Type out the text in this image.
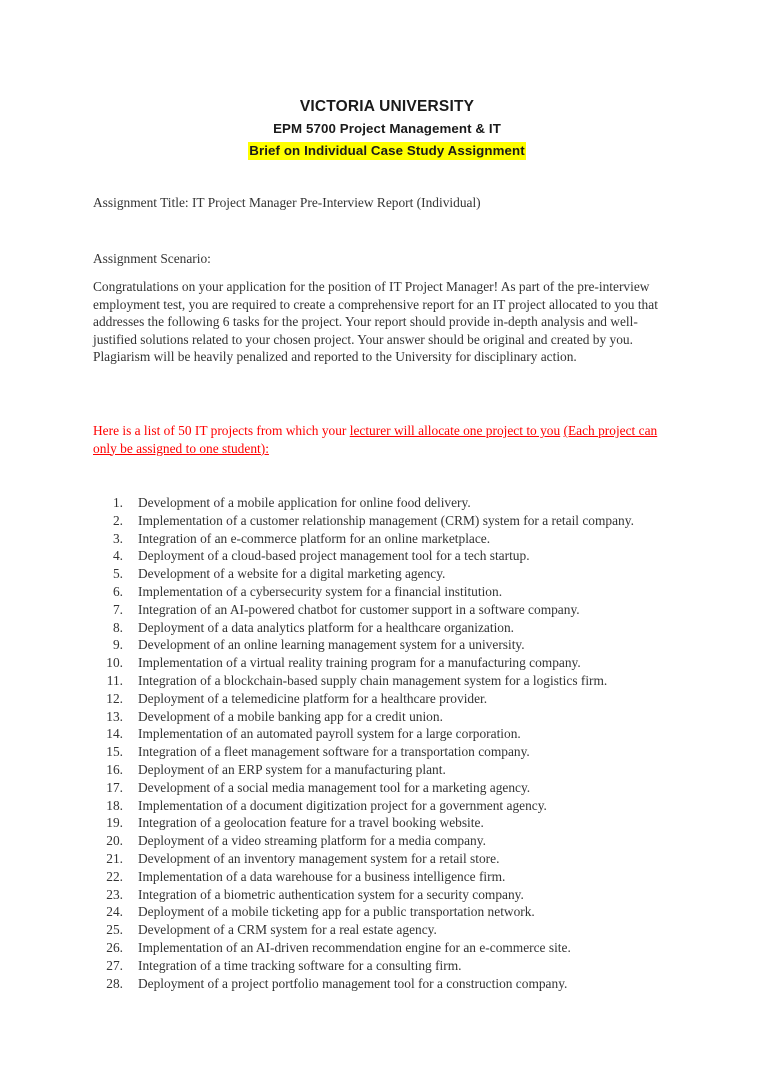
VICTORIA UNIVERSITY
EPM 5700 Project Management & IT
Brief on Individual Case Study Assignment
Assignment Title: IT Project Manager Pre-Interview Report (Individual)
Assignment Scenario:
Congratulations on your application for the position of IT Project Manager! As part of the pre-interview employment test, you are required to create a comprehensive report for an IT project allocated to you that addresses the following 6 tasks for the project. Your report should provide in-depth analysis and well-justified solutions related to your chosen project. Your answer should be original and created by you. Plagiarism will be heavily penalized and reported to the University for disciplinary action.
Here is a list of 50 IT projects from which your lecturer will allocate one project to you (Each project can only be assigned to one student):
1.	Development of a mobile application for online food delivery.
2.	Implementation of a customer relationship management (CRM) system for a retail company.
3.	Integration of an e-commerce platform for an online marketplace.
4.	Deployment of a cloud-based project management tool for a tech startup.
5.	Development of a website for a digital marketing agency.
6.	Implementation of a cybersecurity system for a financial institution.
7.	Integration of an AI-powered chatbot for customer support in a software company.
8.	Deployment of a data analytics platform for a healthcare organization.
9.	Development of an online learning management system for a university.
10.	Implementation of a virtual reality training program for a manufacturing company.
11.	Integration of a blockchain-based supply chain management system for a logistics firm.
12.	Deployment of a telemedicine platform for a healthcare provider.
13.	Development of a mobile banking app for a credit union.
14.	Implementation of an automated payroll system for a large corporation.
15.	Integration of a fleet management software for a transportation company.
16.	Deployment of an ERP system for a manufacturing plant.
17.	Development of a social media management tool for a marketing agency.
18.	Implementation of a document digitization project for a government agency.
19.	Integration of a geolocation feature for a travel booking website.
20.	Deployment of a video streaming platform for a media company.
21.	Development of an inventory management system for a retail store.
22.	Implementation of a data warehouse for a business intelligence firm.
23.	Integration of a biometric authentication system for a security company.
24.	Deployment of a mobile ticketing app for a public transportation network.
25.	Development of a CRM system for a real estate agency.
26.	Implementation of an AI-driven recommendation engine for an e-commerce site.
27.	Integration of a time tracking software for a consulting firm.
28.	Deployment of a project portfolio management tool for a construction company.
